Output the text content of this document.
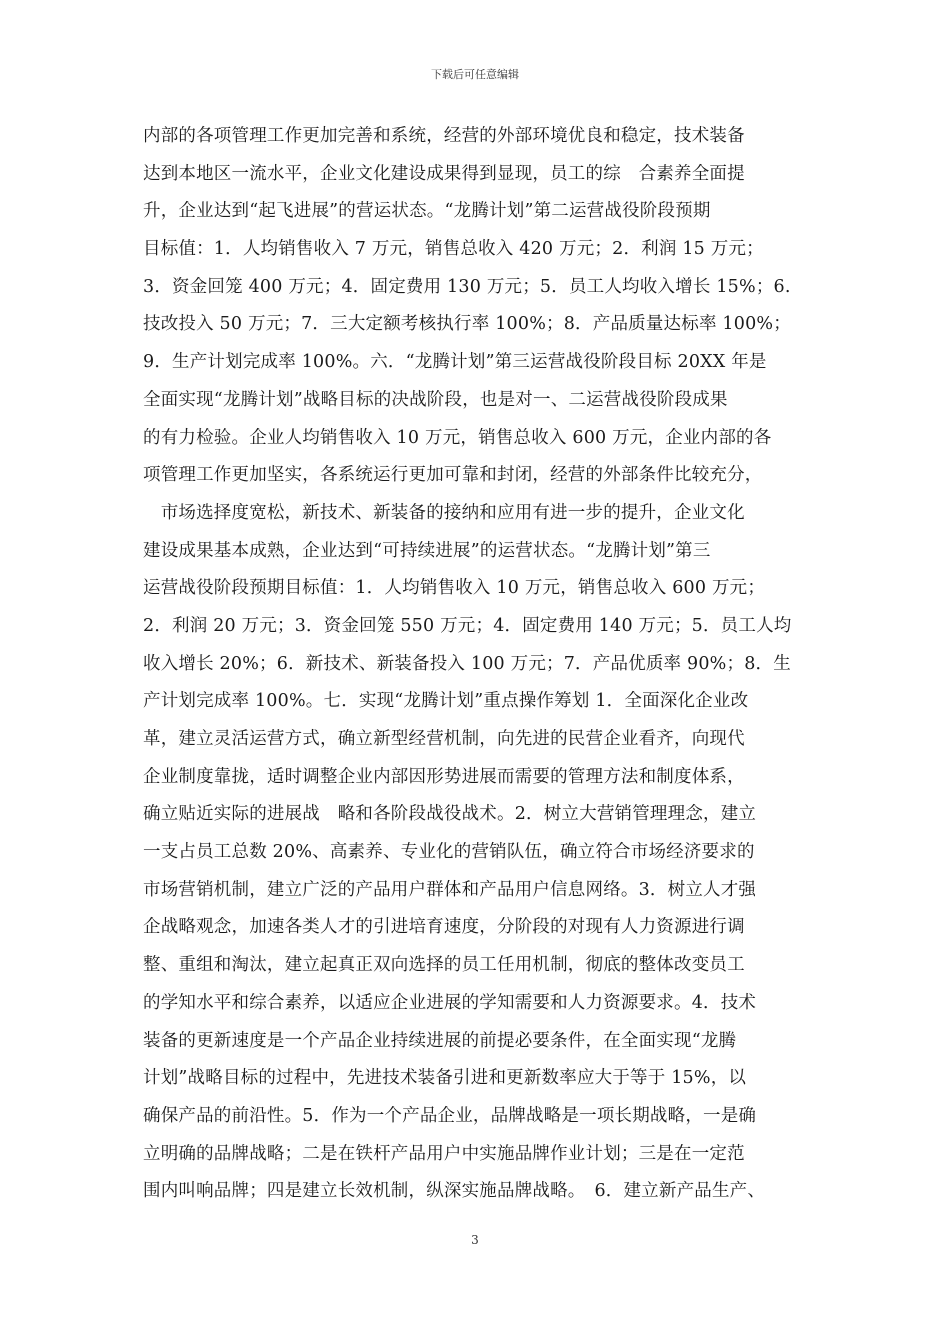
下载后可任意编辑
内部的各项管理工作更加完善和系统，经营的外部环境优良和稳定，技术装备
达到本地区一流水平，企业文化建设成果得到显现，员工的综　合素养全面提
升，企业达到“起飞进展”的营运状态。“龙腾计划”第二运营战役阶段预期
目标值：1．人均销售收入 7 万元，销售总收入 420 万元；2．利润 15 万元；
3．资金回笼 400 万元；4．固定费用 130 万元；5．员工人均收入增长 15%；6.
技改投入 50 万元；7．三大定额考核执行率 100%；8．产品质量达标率 100%；
9．生产计划完成率 100%。六．“龙腾计划”第三运营战役阶段目标 20XX 年是
全面实现“龙腾计划”战略目标的决战阶段，也是对一、二运营战役阶段成果
的有力检验。企业人均销售收入 10 万元，销售总收入 600 万元，企业内部的各
项管理工作更加坚实，各系统运行更加可靠和封闭，经营的外部条件比较充分，
　市场选择度宽松，新技术、新装备的接纳和应用有进一步的提升，企业文化
建设成果基本成熟，企业达到“可持续进展”的运营状态。“龙腾计划”第三
运营战役阶段预期目标值：1．人均销售收入 10 万元，销售总收入 600 万元；
2．利润 20 万元；3．资金回笼 550 万元；4．固定费用 140 万元；5．员工人均
收入增长 20%；6．新技术、新装备投入 100 万元；7．产品优质率 90%；8．生
产计划完成率 100%。七．实现“龙腾计划”重点操作筹划 1．全面深化企业改
革，建立灵活运营方式，确立新型经营机制，向先进的民营企业看齐，向现代
企业制度靠拢，适时调整企业内部因形势进展而需要的管理方法和制度体系，
确立贴近实际的进展战　略和各阶段战役战术。2．树立大营销管理理念，建立
一支占员工总数 20%、高素养、专业化的营销队伍，确立符合市场经济要求的
市场营销机制，建立广泛的产品用户群体和产品用户信息网络。3．树立人才强
企战略观念，加速各类人才的引进培育速度，分阶段的对现有人力资源进行调
整、重组和淘汰，建立起真正双向选择的员工任用机制，彻底的整体改变员工
的学知水平和综合素养，以适应企业进展的学知需要和人力资源要求。4．技术
装备的更新速度是一个产品企业持续进展的前提必要条件，在全面实现“龙腾
计划”战略目标的过程中，先进技术装备引进和更新数率应大于等于 15%，以
确保产品的前沿性。5．作为一个产品企业，品牌战略是一项长期战略，一是确
立明确的品牌战略；二是在铁杆产品用户中实施品牌作业计划；三是在一定范
围内叫响品牌；四是建立长效机制，纵深实施品牌战略。　6．建立新产品生产、
3
